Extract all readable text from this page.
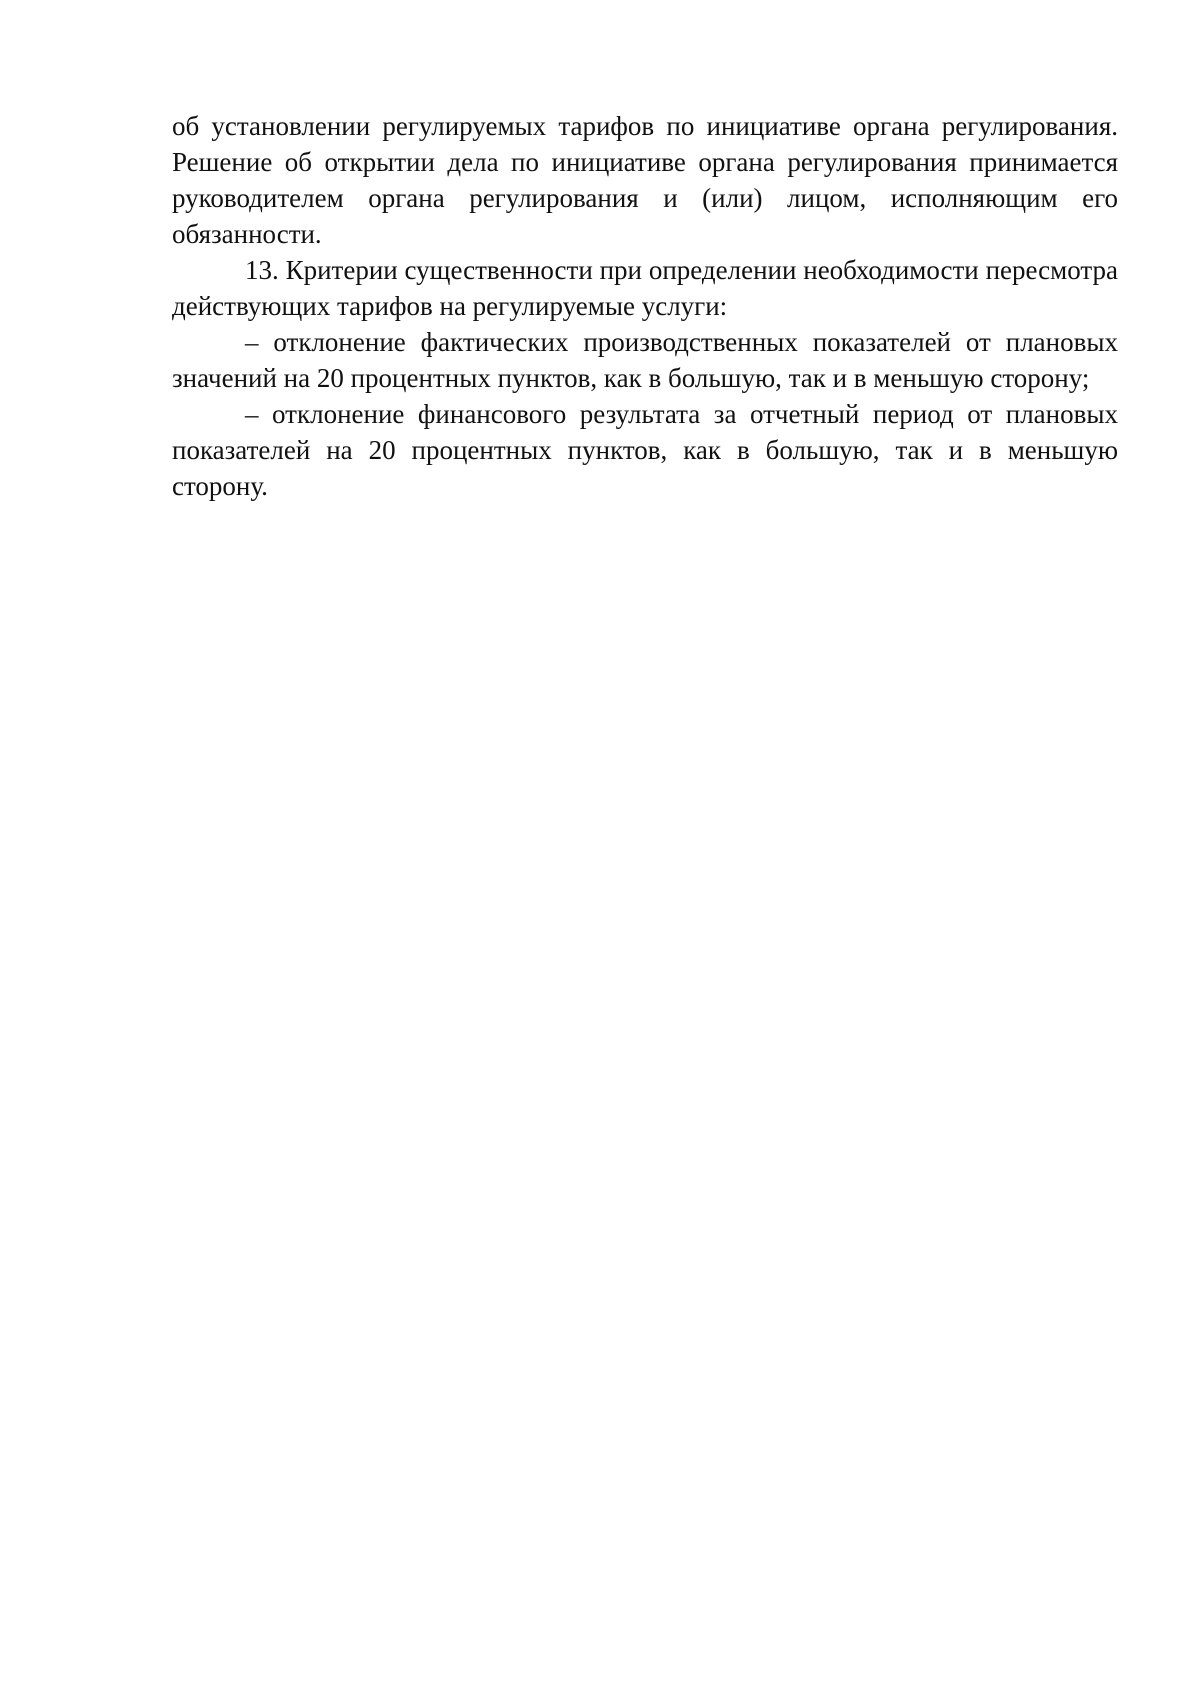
об установлении регулируемых тарифов по инициативе органа регулирования. Решение об открытии дела по инициативе органа регулирования принимается руководителем органа регулирования и (или) лицом, исполняющим его обязанности.

13. Критерии существенности при определении необходимости пересмотра действующих тарифов на регулируемые услуги:

– отклонение фактических производственных показателей от плановых значений на 20 процентных пунктов, как в большую, так и в меньшую сторону;

– отклонение финансового результата за отчетный период от плановых показателей на 20 процентных пунктов, как в большую, так и в меньшую сторону.
